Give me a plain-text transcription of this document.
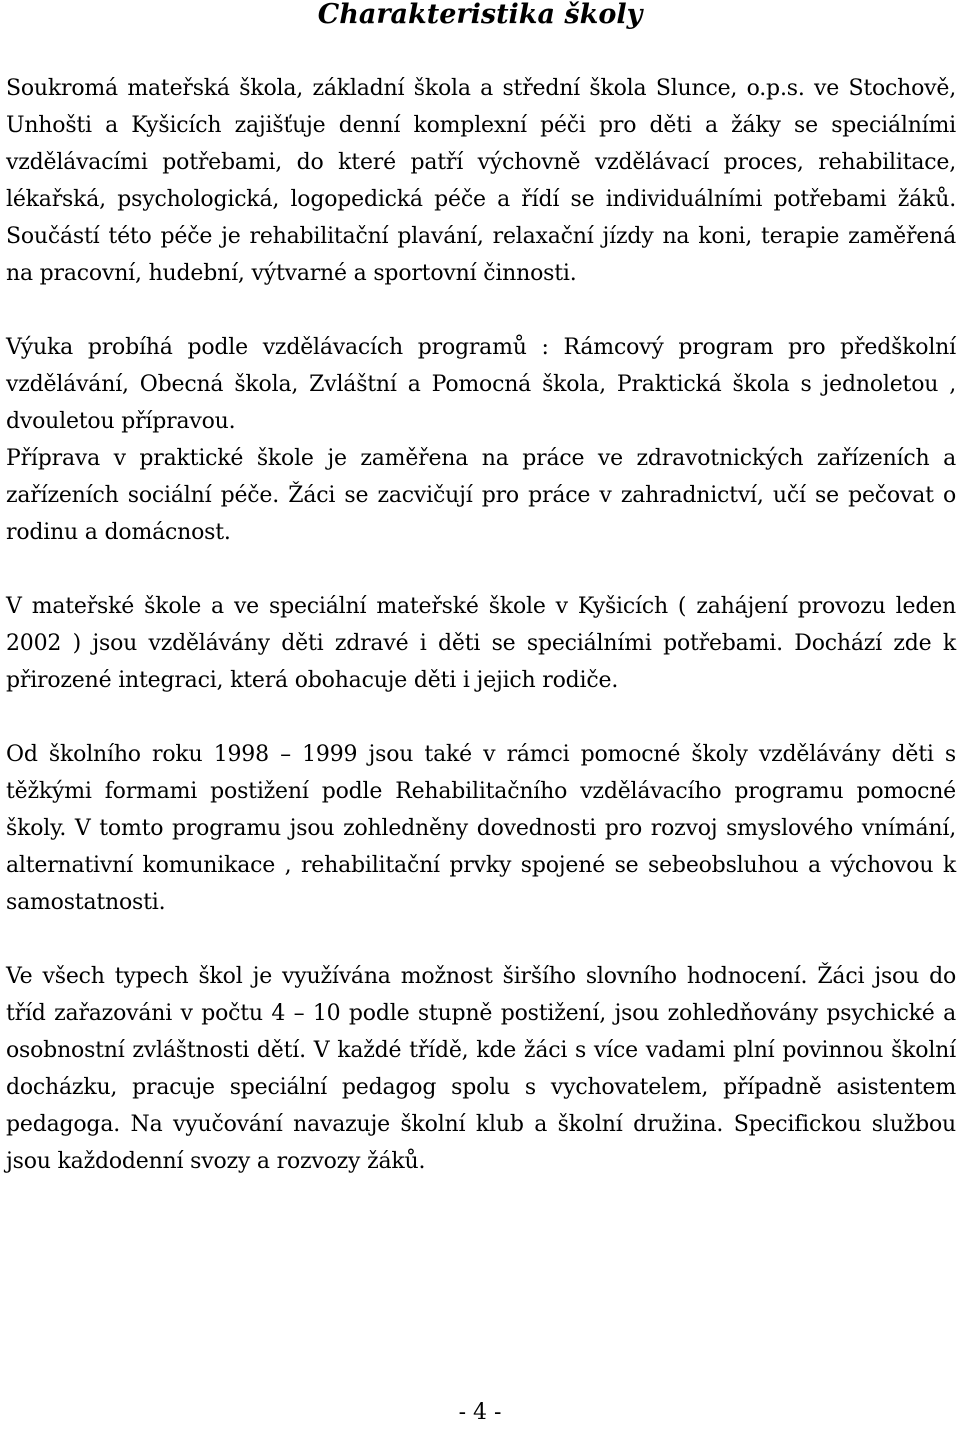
Charakteristika školy

Soukromá mateřská škola, základní škola a střední škola Slunce, o.p.s. ve Stochově, Unhošti a Kyšicích zajišťuje denní komplexní péči pro děti a žáky se speciálními vzdělávacími potřebami, do které patří výchovně vzdělávací proces, rehabilitace, lékařská, psychologická, logopedická péče a řídí se individuálními potřebami žáků. Součástí této péče je rehabilitační plavání, relaxační jízdy na koni, terapie zaměřená na pracovní, hudební, výtvarné a sportovní činnosti.

Výuka probíhá podle vzdělávacích programů : Rámcový program pro předškolní vzdělávání, Obecná škola, Zvláštní a Pomocná škola, Praktická škola s jednoletou , dvouletou přípravou.

Příprava v praktické škole je zaměřena na práce ve zdravotnických zařízeních a zařízeních sociální péče. Žáci se zacvičují pro práce v zahradnictví, učí se pečovat o rodinu a domácnost.

V mateřské škole a ve speciální mateřské škole v Kyšicích ( zahájení provozu leden 2002 ) jsou vzdělávány děti zdravé i děti se speciálními potřebami. Dochází zde k přirozené integraci, která obohacuje děti i jejich rodiče.

Od školního roku 1998 – 1999 jsou také v rámci pomocné školy vzdělávány děti s těžkými formami postižení podle Rehabilitačního vzdělávacího programu pomocné školy. V tomto programu jsou zohledněny dovednosti pro rozvoj smyslového vnímání, alternativní komunikace , rehabilitační prvky spojené se sebeobsluhou a výchovou k samostatnosti.

Ve všech typech škol je využívána možnost širšího slovního hodnocení. Žáci jsou do tříd zařazováni v počtu 4 – 10 podle stupně postižení, jsou zohledňovány psychické a osobnostní zvláštnosti dětí. V každé třídě, kde žáci s více vadami plní povinnou školní docházku, pracuje speciální pedagog spolu s vychovatelem, případně asistentem pedagoga. Na vyučování navazuje školní klub a školní družina. Specifickou službou jsou každodenní svozy a rozvozy žáků.

- 4 -
